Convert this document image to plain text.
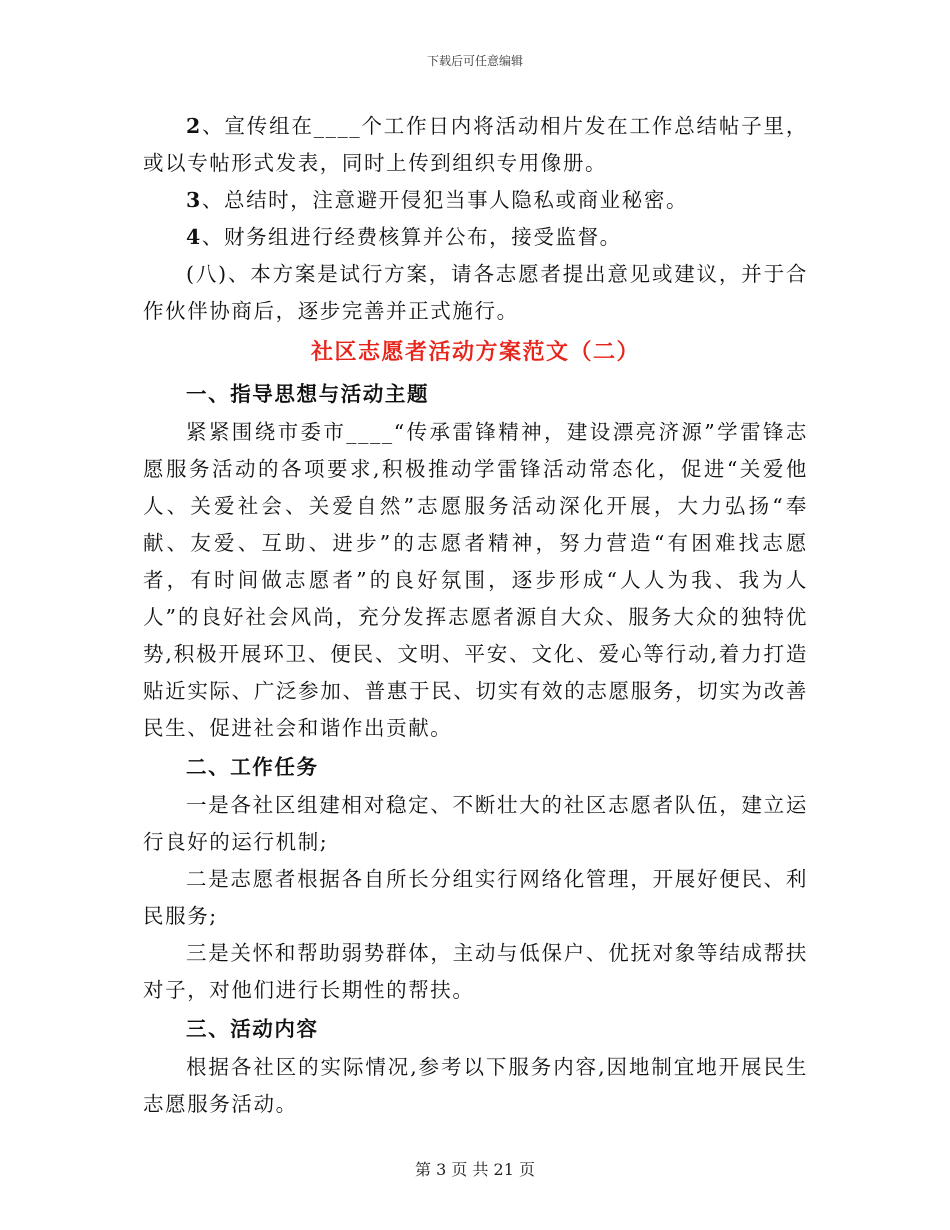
下载后可任意编辑

2、宣传组在____个工作日内将活动相片发在工作总结帖子里，或以专帖形式发表，同时上传到组织专用像册。

3、总结时，注意避开侵犯当事人隐私或商业秘密。

4、财务组进行经费核算并公布，接受监督。

(八)、本方案是试行方案，请各志愿者提出意见或建议，并于合作伙伴协商后，逐步完善并正式施行。

社区志愿者活动方案范文（二）

一、指导思想与活动主题

紧紧围绕市委市____“传承雷锋精神，建设漂亮济源”学雷锋志愿服务活动的各项要求,积极推动学雷锋活动常态化，促进“关爱他人、关爱社会、关爱自然”志愿服务活动深化开展，大力弘扬“奉献、友爱、互助、进步”的志愿者精神，努力营造“有困难找志愿者，有时间做志愿者”的良好氛围，逐步形成“人人为我、我为人人”的良好社会风尚，充分发挥志愿者源自大众、服务大众的独特优势,积极开展环卫、便民、文明、平安、文化、爱心等行动,着力打造贴近实际、广泛参加、普惠于民、切实有效的志愿服务，切实为改善民生、促进社会和谐作出贡献。

二、工作任务

一是各社区组建相对稳定、不断壮大的社区志愿者队伍，建立运行良好的运行机制;

二是志愿者根据各自所长分组实行网络化管理，开展好便民、利民服务;

三是关怀和帮助弱势群体，主动与低保户、优抚对象等结成帮扶对子，对他们进行长期性的帮扶。

三、活动内容

根据各社区的实际情况,参考以下服务内容,因地制宜地开展民生志愿服务活动。

第 3 页 共 21 页
